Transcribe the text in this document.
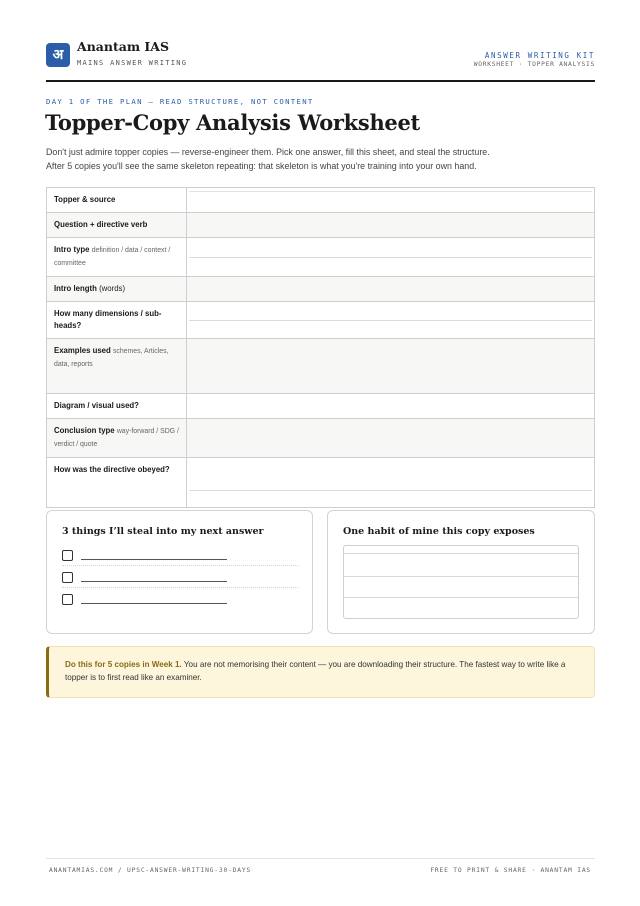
अ
Anantam IAS
MAINS ANSWER WRITING
ANSWER WRITING KIT
WORKSHEET · TOPPER ANALYSIS
DAY 1 OF THE PLAN — READ STRUCTURE, NOT CONTENT
Topper-Copy Analysis Worksheet

Don't just admire topper copies — reverse-engineer them. Pick one answer, fill this sheet, and steal the structure.
After 5 copies you'll see the same skeleton repeating: that skeleton is what you're training into your own hand.

Topper & source	

Question + directive verb	
Intro type definition / data / context / committee	

Intro length (words)	
How many dimensions / sub-heads?	

Examples used schemes, Articles, data, reports	
Diagram / visual used?	
Conclusion type way-forward / SDG / verdict / quote	
How was the directive obeyed?	
3 things I’ll steal into my next answer	One habit of mine this copy exposes
Do this for 5 copies in Week 1. You are not memorising their content — you are downloading their structure. The fastest way to write like a topper is to first read like an examiner.
ANANTAMIAS.COM / UPSC-ANSWER-WRITING-30-DAYS	FREE TO PRINT & SHARE · ANANTAM IAS
